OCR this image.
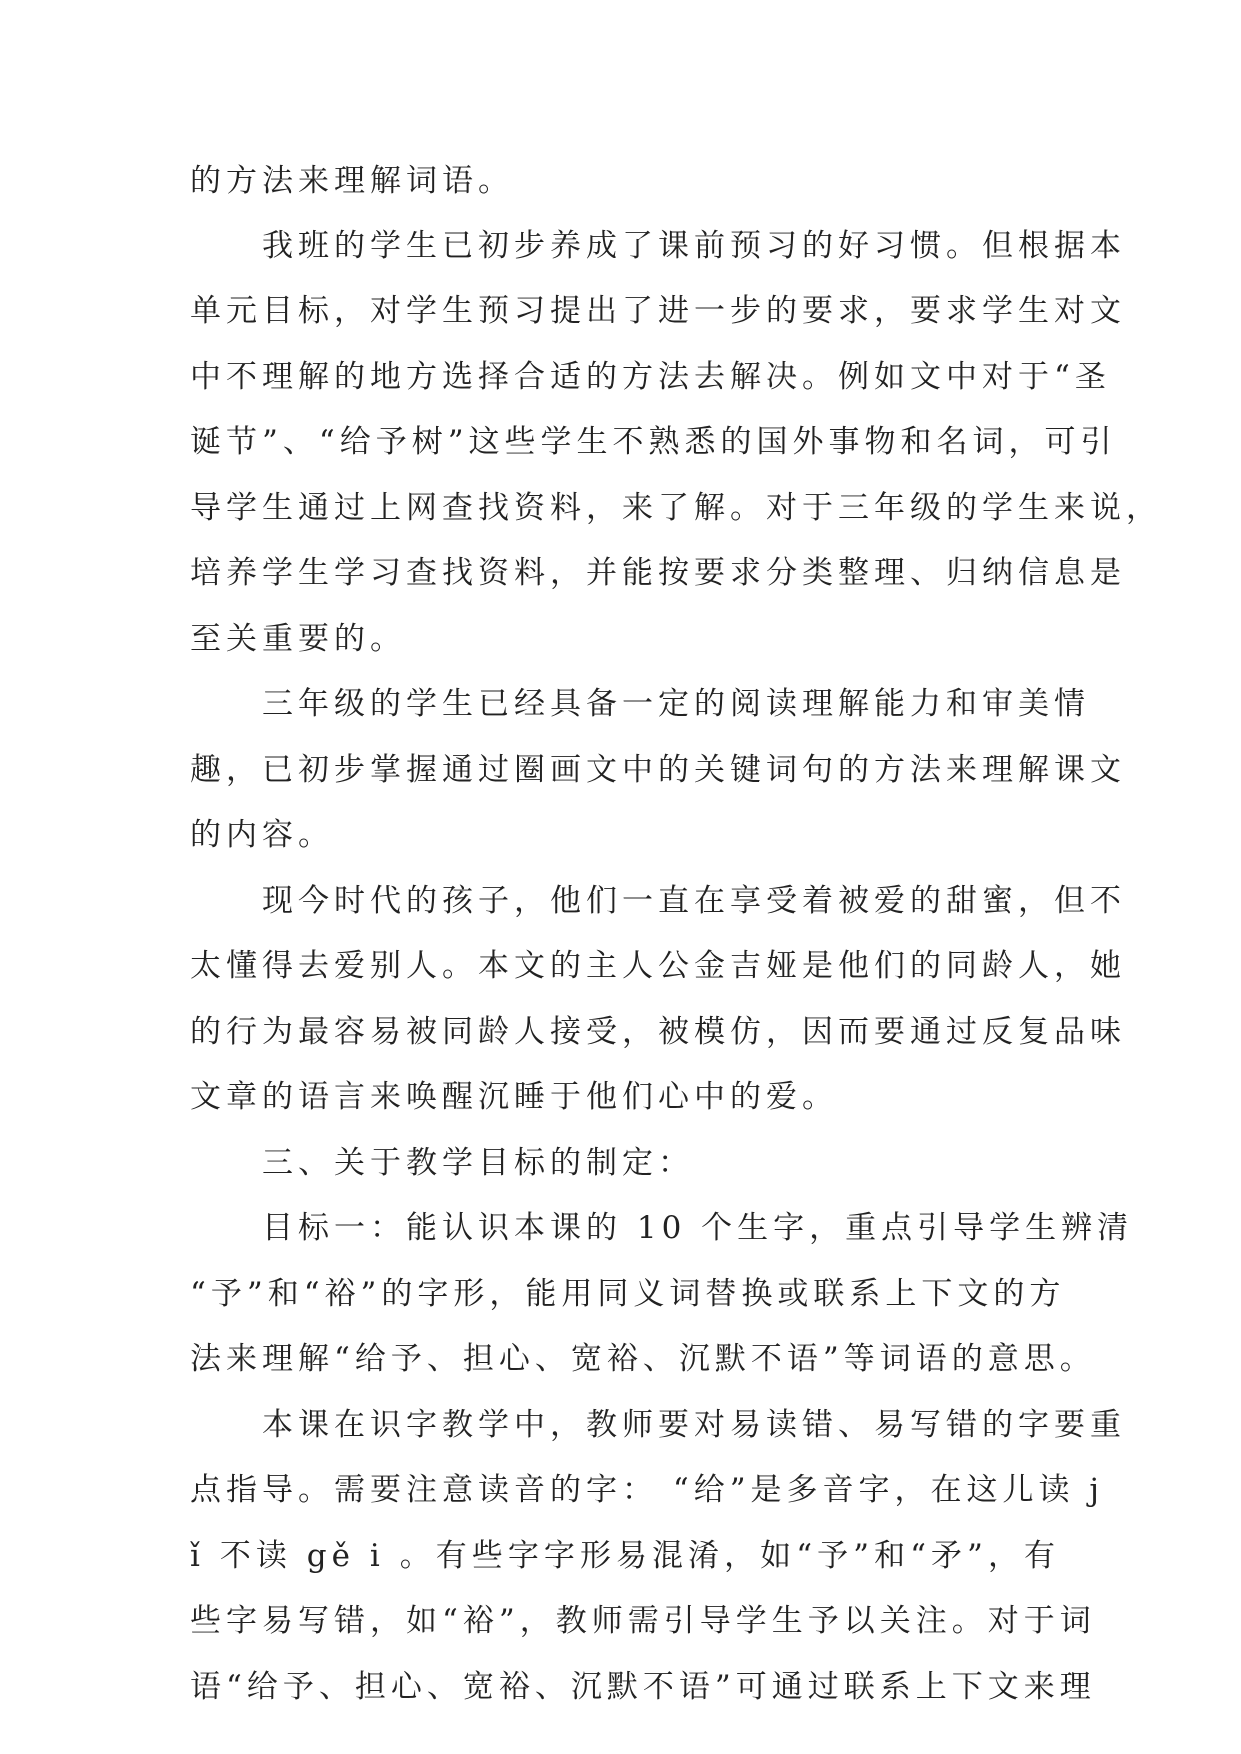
的方法来理解词语。
　　我班的学生已初步养成了课前预习的好习惯。但根据本
单元目标，对学生预习提出了进一步的要求，要求学生对文
中不理解的地方选择合适的方法去解决。例如文中对于“圣
诞节”、“给予树”这些学生不熟悉的国外事物和名词，可引
导学生通过上网查找资料，来了解。对于三年级的学生来说，
培养学生学习查找资料，并能按要求分类整理、归纳信息是
至关重要的。
　　三年级的学生已经具备一定的阅读理解能力和审美情
趣，已初步掌握通过圈画文中的关键词句的方法来理解课文
的内容。
　　现今时代的孩子，他们一直在享受着被爱的甜蜜，但不
太懂得去爱别人。本文的主人公金吉娅是他们的同龄人，她
的行为最容易被同龄人接受，被模仿，因而要通过反复品味
文章的语言来唤醒沉睡于他们心中的爱。
　　三、关于教学目标的制定：
　　目标一：能认识本课的 10 个生字，重点引导学生辨清
“予”和“裕”的字形，能用同义词替换或联系上下文的方
法来理解“给予、担心、宽裕、沉默不语”等词语的意思。
　　本课在识字教学中，教师要对易读错、易写错的字要重
点指导。需要注意读音的字： “给”是多音字，在这儿读 j
ǐ 不读 gě i 。有些字字形易混淆，如“予”和“矛”，有
些字易写错，如“裕”，教师需引导学生予以关注。对于词
语“给予、担心、宽裕、沉默不语”可通过联系上下文来理
